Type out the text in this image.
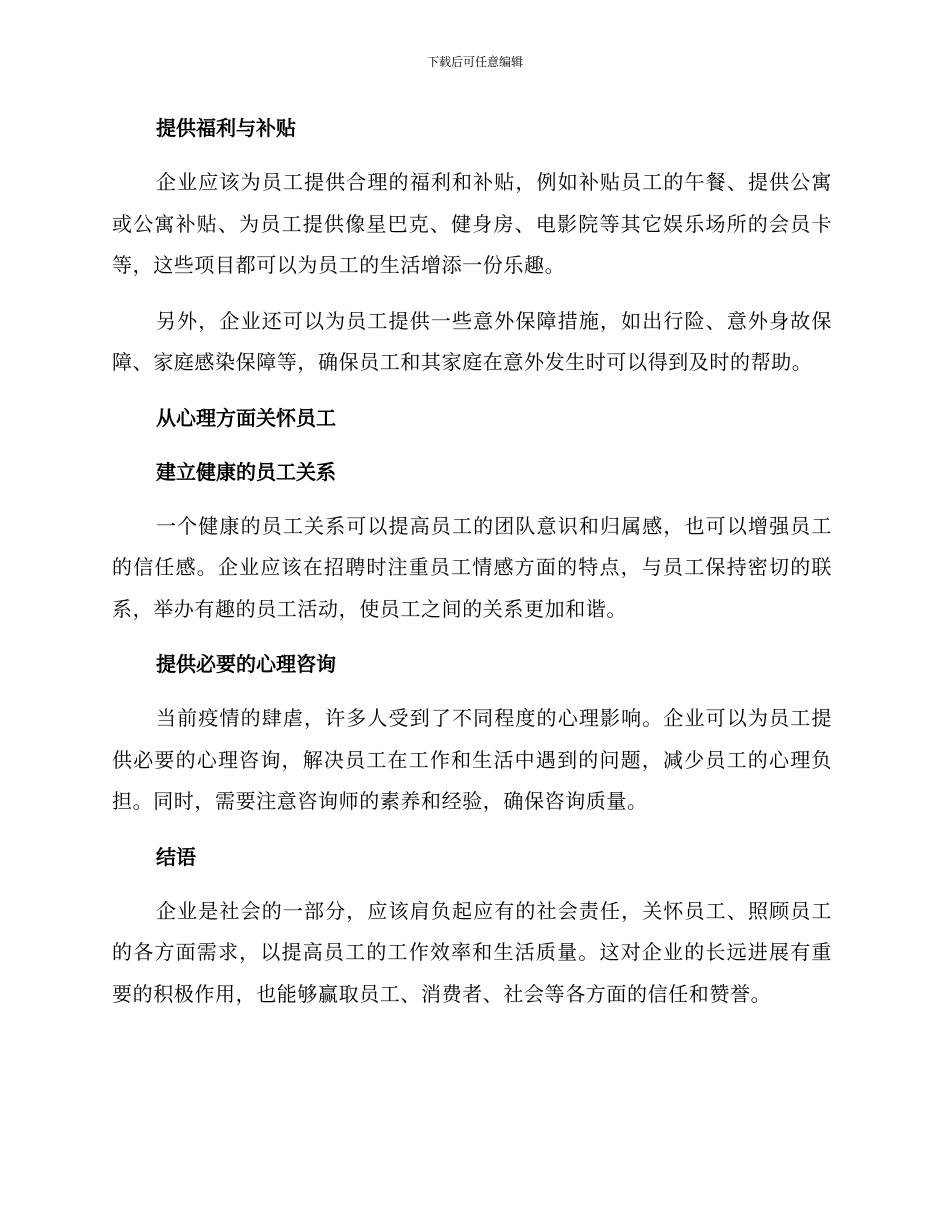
下载后可任意编辑
提供福利与补贴

企业应该为员工提供合理的福利和补贴，例如补贴员工的午餐、提供公寓或公寓补贴、为员工提供像星巴克、健身房、电影院等其它娱乐场所的会员卡等，这些项目都可以为员工的生活增添一份乐趣。

另外，企业还可以为员工提供一些意外保障措施，如出行险、意外身故保障、家庭感染保障等，确保员工和其家庭在意外发生时可以得到及时的帮助。

从心理方面关怀员工
建立健康的员工关系

一个健康的员工关系可以提高员工的团队意识和归属感，也可以增强员工的信任感。企业应该在招聘时注重员工情感方面的特点，与员工保持密切的联系，举办有趣的员工活动，使员工之间的关系更加和谐。

提供必要的心理咨询

当前疫情的肆虐，许多人受到了不同程度的心理影响。企业可以为员工提供必要的心理咨询，解决员工在工作和生活中遇到的问题，减少员工的心理负担。同时，需要注意咨询师的素养和经验，确保咨询质量。

结语

企业是社会的一部分，应该肩负起应有的社会责任，关怀员工、照顾员工的各方面需求，以提高员工的工作效率和生活质量。这对企业的长远进展有重要的积极作用，也能够赢取员工、消费者、社会等各方面的信任和赞誉。
